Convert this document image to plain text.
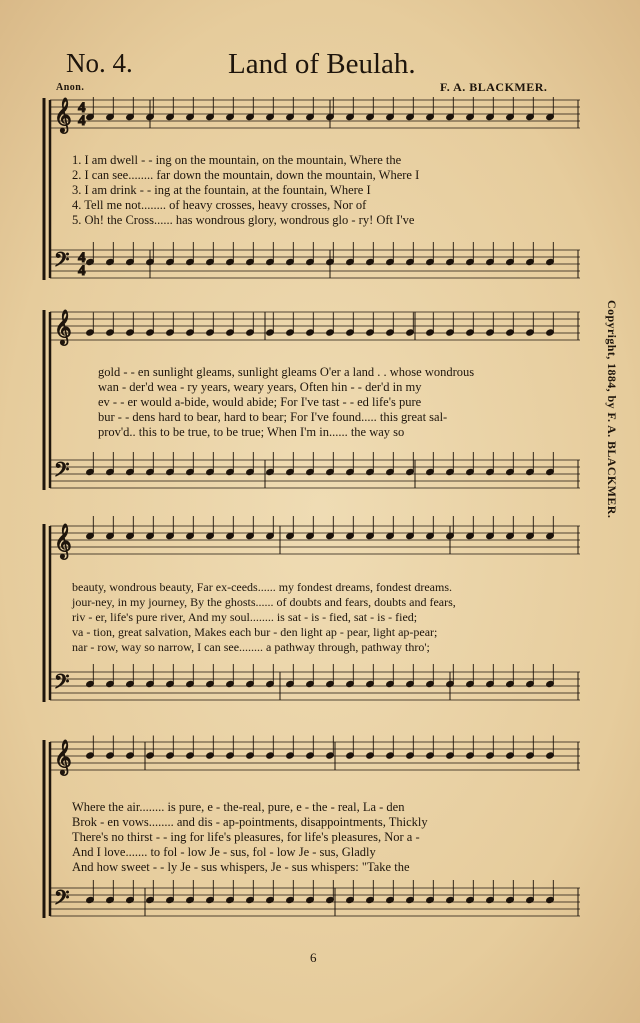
𝄞
𝄢
𝄞
𝄢
𝄞
𝄢
𝄞
𝄢
4
4
4
4
No. 4.	Land of Beulah.
Anon.	F. A. BLACKMER.
1. I am dwell - - ing on the mountain, on the mountain, Where the
2. I can see........ far down the mountain, down the mountain, Where I
3. I am drink - - ing at the fountain, at the fountain, Where I
4. Tell me not........ of heavy crosses, heavy crosses, Nor of
5. Oh! the Cross...... has wondrous glory, wondrous glo - ry! Oft I've
gold - - en sunlight gleams, sunlight gleams O'er a land . . whose wondrous
wan - der'd wea - ry years, weary years, Often hin - - der'd in my
ev - - er would a-bide, would abide; For I've tast - - ed life's pure
bur - - dens hard to bear, hard to bear; For I've found..... this great sal-
prov'd.. this to be true, to be true; When I'm in...... the way so
beauty, wondrous beauty, Far ex-ceeds...... my fondest dreams, fondest dreams.
jour-ney, in my journey, By the ghosts...... of doubts and fears, doubts and fears,
riv - er, life's pure river, And my soul........ is sat - is - fied, sat - is - fied;
va - tion, great salvation, Makes each bur - den light ap - pear, light ap-pear;
nar - row, way so narrow, I can see........ a pathway through, pathway thro';
Where the air........ is pure, e - the-real, pure, e - the - real, La - den
Brok - en vows........ and dis - ap-pointments, disappointments, Thickly
There's no thirst - - ing for life's pleasures, for life's pleasures, Nor a -
And I love....... to fol - low Je - sus, fol - low Je - sus, Gladly
And how sweet - - ly Je - sus whispers, Je - sus whispers: "Take the
Copyright, 1884, by F. A. BLACKMER.
6
